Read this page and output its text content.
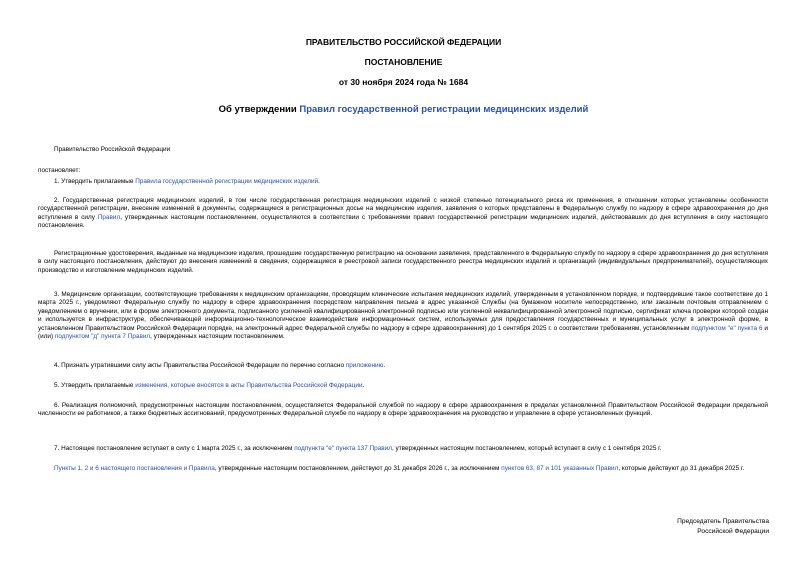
ПРАВИТЕЛЬСТВО РОССИЙСКОЙ ФЕДЕРАЦИИ
ПОСТАНОВЛЕНИЕ
от 30 ноября 2024 года № 1684
Об утверждении Правил государственной регистрации медицинских изделий

Правительство Российской Федерации

постановляет:

1. Утвердить прилагаемые Правила государственной регистрации медицинских изделий.

2. Государственная регистрация медицинских изделий, в том числе государственная регистрация медицинских изделий с низкой степенью потенциального риска их применения, в отношении которых установлены особенности государственной регистрации, внесение изменений в документы, содержащиеся в регистрационных досье на медицинские изделия, заявления о которых представлены в Федеральную службу по надзору в сфере здравоохранения до дня вступления в силу Правил, утвержденных настоящим постановлением, осуществляются в соответствии с требованиями правил государственной регистрации медицинских изделий, действовавших до дня вступления в силу настоящего постановления.

Регистрационные удостоверения, выданные на медицинские изделия, прошедшие государственную регистрацию на основании заявления, представленного в Федеральную службу по надзору в сфере здравоохранения до дня вступления в силу настоящего постановления, действуют до внесения изменений в сведения, содержащиеся в реестровой записи государственного реестра медицинских изделий и организаций (индивидуальных предпринимателей), осуществляющих производство и изготовление медицинских изделий.

3. Медицинские организации, соответствующие требованиям к медицинским организациям, проводящим клинические испытания медицинских изделий, утвержденным в установленном порядке, и подтвердившие такое соответствие до 1 марта 2025 г., уведомляют Федеральную службу по надзору в сфере здравоохранения посредством направления письма в адрес указанной Службы (на бумажном носителе непосредственно, или заказным почтовым отправлением с уведомлением о вручении, или в форме электронного документа, подписанного усиленной квалифицированной электронной подписью или усиленной неквалифицированной электронной подписью, сертификат ключа проверки которой создан и используется в инфраструктуре, обеспечивающей информационно-технологическое взаимодействие информационных систем, используемых для предоставления государственных и муниципальных услуг в электронной форме, в установленном Правительством Российской Федерации порядке, на электронный адрес Федеральной службы по надзору в сфере здравоохранения) до 1 сентября 2025 г. о соответствии требованиям, установленным подпунктом "е" пункта 6 и (или) подпунктом "д" пункта 7 Правил, утвержденных настоящим постановлением.

4. Признать утратившими силу акты Правительства Российской Федерации по перечню согласно приложению.

5. Утвердить прилагаемые изменения, которые вносятся в акты Правительства Российской Федерации.

6. Реализация полномочий, предусмотренных настоящим постановлением, осуществляется Федеральной службой по надзору в сфере здравоохранения в пределах установленной Правительством Российской Федерации предельной численности ее работников, а также бюджетных ассигнований, предусмотренных Федеральной службе по надзору в сфере здравоохранения на руководство и управление в сфере установленных функций.

7. Настоящее постановление вступает в силу с 1 марта 2025 г., за исключением подпункта "е" пункта 137 Правил, утвержденных настоящим постановлением, который вступает в силу с 1 сентября 2025 г.

Пункты 1, 2 и 6 настоящего постановления и Правила, утвержденные настоящим постановлением, действуют до 31 декабря 2026 г., за исключением пунктов 63, 87 и 101 указанных Правил, которые действуют до 31 декабря 2025 г.

Председатель Правительства
Российской Федерации
